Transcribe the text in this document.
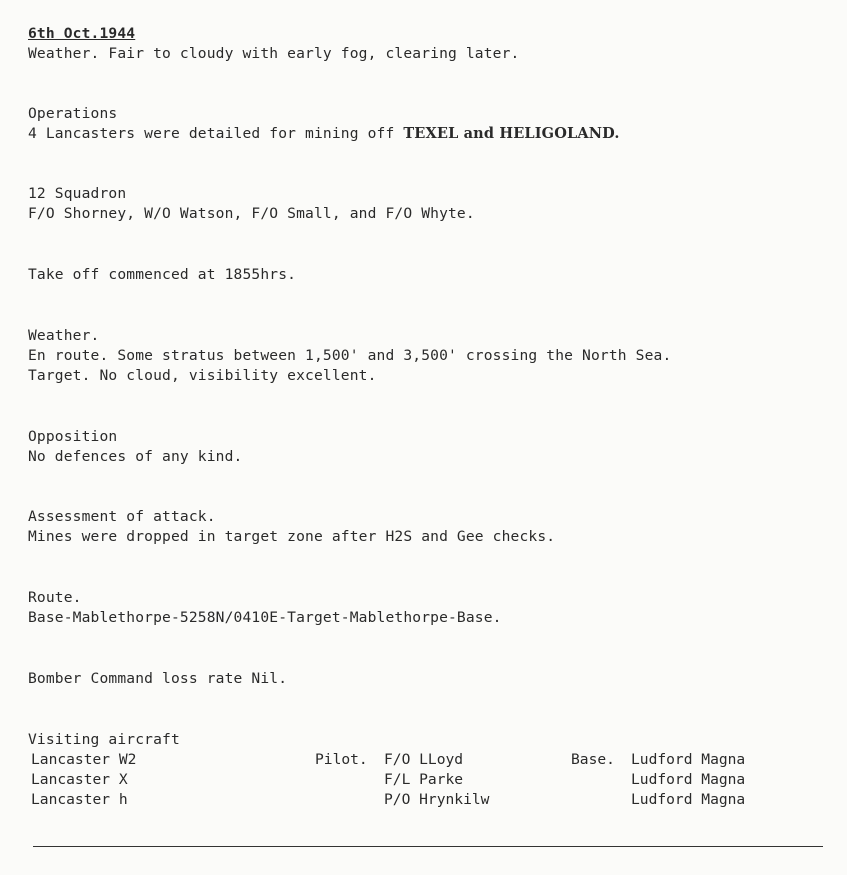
6th Oct.1944
Weather. Fair to cloudy with early fog, clearing later.
Operations
4 Lancasters were detailed for mining off TEXEL and HELIGOLAND.
12 Squadron
F/O Shorney, W/O Watson, F/O Small, and F/O Whyte.
Take off commenced at 1855hrs.
Weather.
En route. Some stratus between 1,500' and 3,500' crossing the North Sea.
Target. No cloud, visibility excellent.
Opposition
No defences of any kind.
Assessment of attack.
Mines were dropped in target zone after H2S and Gee checks.
Route.
Base-Mablethorpe-5258N/0410E-Target-Mablethorpe-Base.
Bomber Command loss rate Nil.
Visiting aircraft
Lancaster W2	Pilot. F/O LLoyd	Base. Ludford Magna
Lancaster X	F/L Parke	Ludford Magna
Lancaster h	P/O Hrynkilw	Ludford Magna
